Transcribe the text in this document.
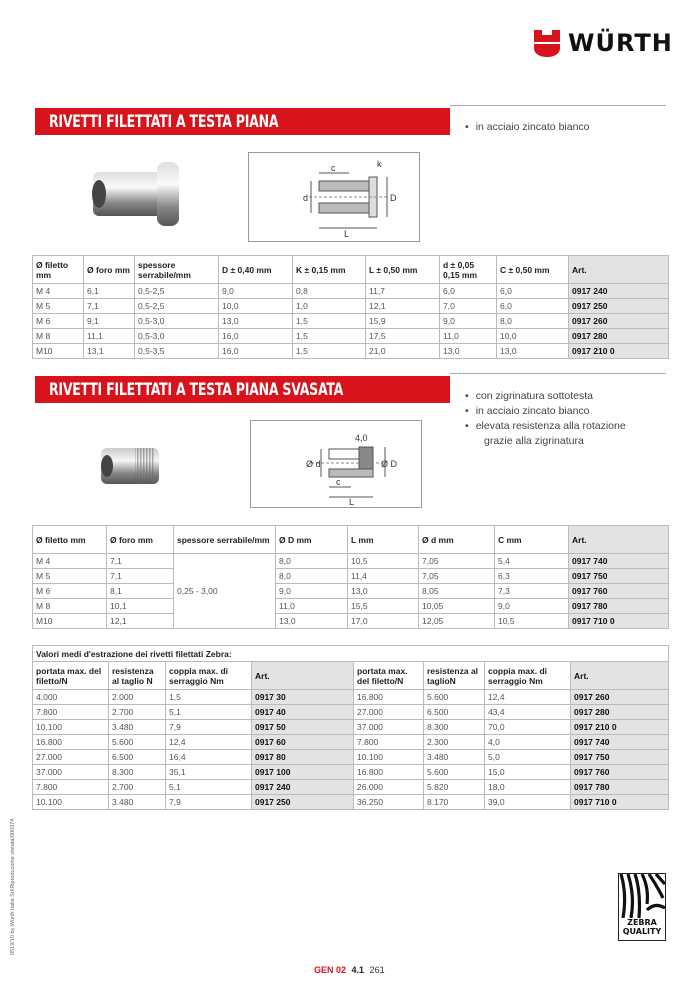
WÜRTH
RIVETTI FILETTATI A TESTA PIANA	• in acciaio zincato bianco
c	k
d	D
L
Ø filetto mm	Ø foro mm	spessore serrabile/mm	D ± 0,40 mm	K ± 0,15 mm	L ± 0,50 mm	d ± 0,05 0,15 mm	C ± 0,50 mm	Art.
M 4	6,1	0,5-2,5	9,0	0,8	11,7	6,0	6,0	0917 240
M 5	7,1	0,5-2,5	10,0	1,0	12,1	7,0	6,0	0917 250
M 6	9,1	0,5-3,0	13,0	1,5	15,9	9,0	8,0	0917 260
M 8	11,1	0,5-3,0	16,0	1,5	17,5	11,0	10,0	0917 280
M10	13,1	0,5-3,5	16,0	1,5	21,0	13,0	13,0	0917 210 0
RIVETTI FILETTATI A TESTA PIANA SVASATA	• con zigrinatura sottotesta
• in acciaio zincato bianco
• elevata resistenza alla rotazione
grazie alla zigrinatura
4,0
Ø d	Ø D
c
L
Ø filetto mm	Ø foro mm	spessore serrabile/mm	Ø D mm	L mm	Ø d mm	C mm	Art.
M 4	7,1	0,25 - 3,00	8,0	10,5	7,05	5,4	0917 740
M 5	7,1		8,0	11,4	7,05	6,3	0917 750
M 6	8,1		9,0	13,0	8,05	7,3	0917 760
M 8	10,1		11,0	15,5	10,05	9,0	0917 780
M10	12,1		13,0	17,0	12,05	10,5	0917 710 0
Valori medi d'estrazione dei rivetti filettati Zebra:							
portata max. del filetto/N	resistenza al taglio N	coppia max. di serraggio Nm	Art.	portata max. del filetto/N	resistenza al taglioN	coppia max. di serraggio Nm	Art.
4.000	2.000	1,5	0917 30	16.800	5.600	12,4	0917 260
7.800	2.700	5,1	0917 40	27.000	6.500	43,4	0917 280
10.100	3.480	7,9	0917 50	37.000	8.300	70,0	0917 210 0
16.800	5.600	12,4	0917 60	7.800	2.300	4,0	0917 740
27.000	6.500	16,4	0917 80	10.100	3.480	5,0	0917 750
37.000	8.300	35,1	0917 100	16.800	5.600	15,0	0917 760
7.800	2.700	5,1	0917 240	26.000	5.820	18,0	0917 780
10.100	3.480	7,9	0917 250	36.250	8.170	39,0	0917 710 0
0519/10 by Würth Italia Srl/Riproduzione vietata/000374	ZEBRA
QUALITY
GEN 02 4.1 261
